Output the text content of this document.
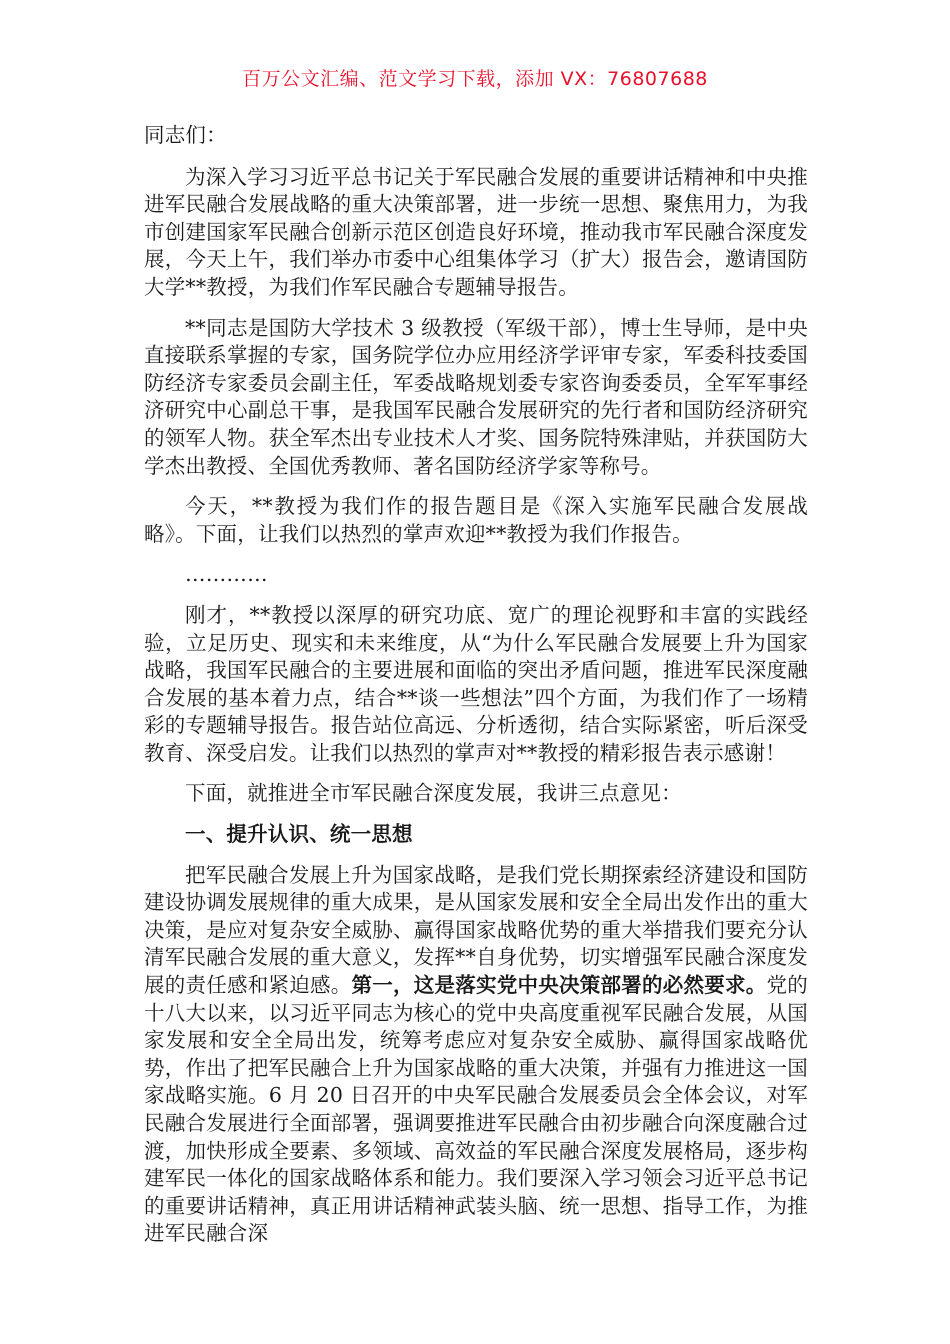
百万公文汇编、范文学习下载，添加 VX：76807688

同志们：

为深入学习习近平总书记关于军民融合发展的重要讲话精神和中央推进军民融合发展战略的重大决策部署，进一步统一思想、聚焦用力，为我市创建国家军民融合创新示范区创造良好环境，推动我市军民融合深度发展，今天上午，我们举办市委中心组集体学习（扩大）报告会，邀请国防大学**教授，为我们作军民融合专题辅导报告。

**同志是国防大学技术 3 级教授（军级干部），博士生导师，是中央直接联系掌握的专家，国务院学位办应用经济学评审专家，军委科技委国防经济专家委员会副主任，军委战略规划委专家咨询委委员，全军军事经济研究中心副总干事，是我国军民融合发展研究的先行者和国防经济研究的领军人物。获全军杰出专业技术人才奖、国务院特殊津贴，并获国防大学杰出教授、全国优秀教师、著名国防经济学家等称号。

今天，**教授为我们作的报告题目是《深入实施军民融合发展战略》。下面，让我们以热烈的掌声欢迎**教授为我们作报告。

…………

刚才，**教授以深厚的研究功底、宽广的理论视野和丰富的实践经验，立足历史、现实和未来维度，从“为什么军民融合发展要上升为国家战略，我国军民融合的主要进展和面临的突出矛盾问题，推进军民深度融合发展的基本着力点，结合**谈一些想法”四个方面，为我们作了一场精彩的专题辅导报告。报告站位高远、分析透彻，结合实际紧密，听后深受教育、深受启发。让我们以热烈的掌声对**教授的精彩报告表示感谢！

下面，就推进全市军民融合深度发展，我讲三点意见：

一、提升认识、统一思想

把军民融合发展上升为国家战略，是我们党长期探索经济建设和国防建设协调发展规律的重大成果，是从国家发展和安全全局出发作出的重大决策，是应对复杂安全威胁、赢得国家战略优势的重大举措我们要充分认清军民融合发展的重大意义，发挥**自身优势，切实增强军民融合深度发展的责任感和紧迫感。第一，这是落实党中央决策部署的必然要求。党的十八大以来，以习近平同志为核心的党中央高度重视军民融合发展，从国家发展和安全全局出发，统筹考虑应对复杂安全威胁、赢得国家战略优势，作出了把军民融合上升为国家战略的重大决策，并强有力推进这一国家战略实施。6 月 20 日召开的中央军民融合发展委员会全体会议，对军民融合发展进行全面部署，强调要推进军民融合由初步融合向深度融合过渡，加快形成全要素、多领域、高效益的军民融合深度发展格局，逐步构建军民一体化的国家战略体系和能力。我们要深入学习领会习近平总书记的重要讲话精神，真正用讲话精神武装头脑、统一思想、指导工作，为推进军民融合深
